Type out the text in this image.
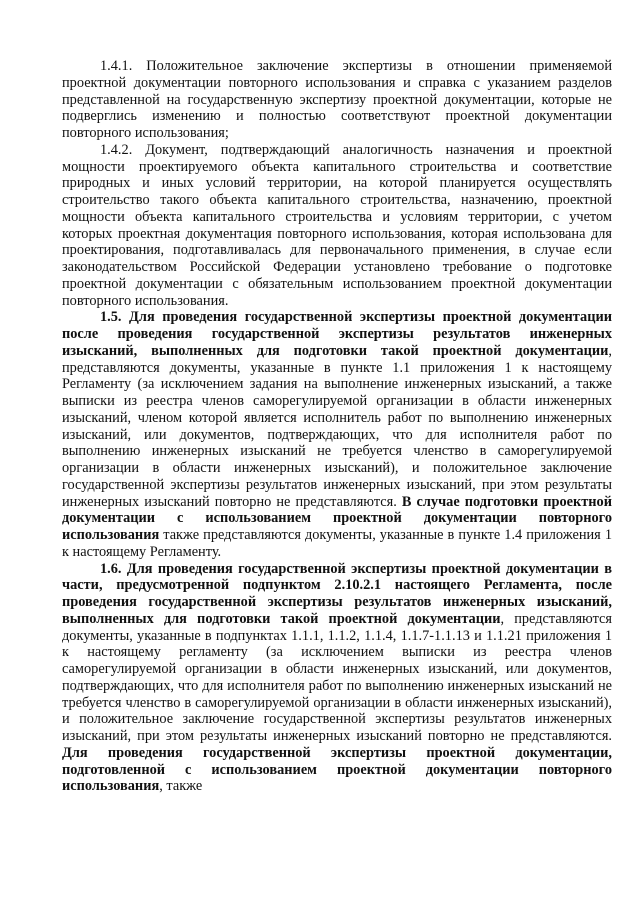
1.4.1. Положительное заключение экспертизы в отношении применяемой проектной документации повторного использования и справка с указанием разделов представленной на государственную экспертизу проектной документации, которые не подверглись изменению и полностью соответствуют проектной документации повторного использования;

1.4.2. Документ, подтверждающий аналогичность назначения и проектной мощности проектируемого объекта капитального строительства и соответствие природных и иных условий территории, на которой планируется осуществлять строительство такого объекта капитального строительства, назначению, проектной мощности объекта капитального строительства и условиям территории, с учетом которых проектная документация повторного использования, которая использована для проектирования, подготавливалась для первоначального применения, в случае если законодательством Российской Федерации установлено требование о подготовке проектной документации с обязательным использованием проектной документации повторного использования.

1.5. Для проведения государственной экспертизы проектной документации после проведения государственной экспертизы результатов инженерных изысканий, выполненных для подготовки такой проектной документации, представляются документы, указанные в пункте 1.1 приложения 1 к настоящему Регламенту (за исключением задания на выполнение инженерных изысканий, а также выписки из реестра членов саморегулируемой организации в области инженерных изысканий, членом которой является исполнитель работ по выполнению инженерных изысканий, или документов, подтверждающих, что для исполнителя работ по выполнению инженерных изысканий не требуется членство в саморегулируемой организации в области инженерных изысканий), и положительное заключение государственной экспертизы результатов инженерных изысканий, при этом результаты инженерных изысканий повторно не представляются. В случае подготовки проектной документации с использованием проектной документации повторного использования также представляются документы, указанные в пункте 1.4 приложения 1 к настоящему Регламенту.

1.6. Для проведения государственной экспертизы проектной документации в части, предусмотренной подпунктом 2.10.2.1 настоящего Регламента, после проведения государственной экспертизы результатов инженерных изысканий, выполненных для подготовки такой проектной документации, представляются документы, указанные в подпунктах 1.1.1, 1.1.2, 1.1.4, 1.1.7-1.1.13 и 1.1.21 приложения 1 к настоящему регламенту (за исключением выписки из реестра членов саморегулируемой организации в области инженерных изысканий, или документов, подтверждающих, что для исполнителя работ по выполнению инженерных изысканий не требуется членство в саморегулируемой организации в области инженерных изысканий), и положительное заключение государственной экспертизы результатов инженерных изысканий, при этом результаты инженерных изысканий повторно не представляются. Для проведения государственной экспертизы проектной документации, подготовленной с использованием проектной документации повторного использования, также
